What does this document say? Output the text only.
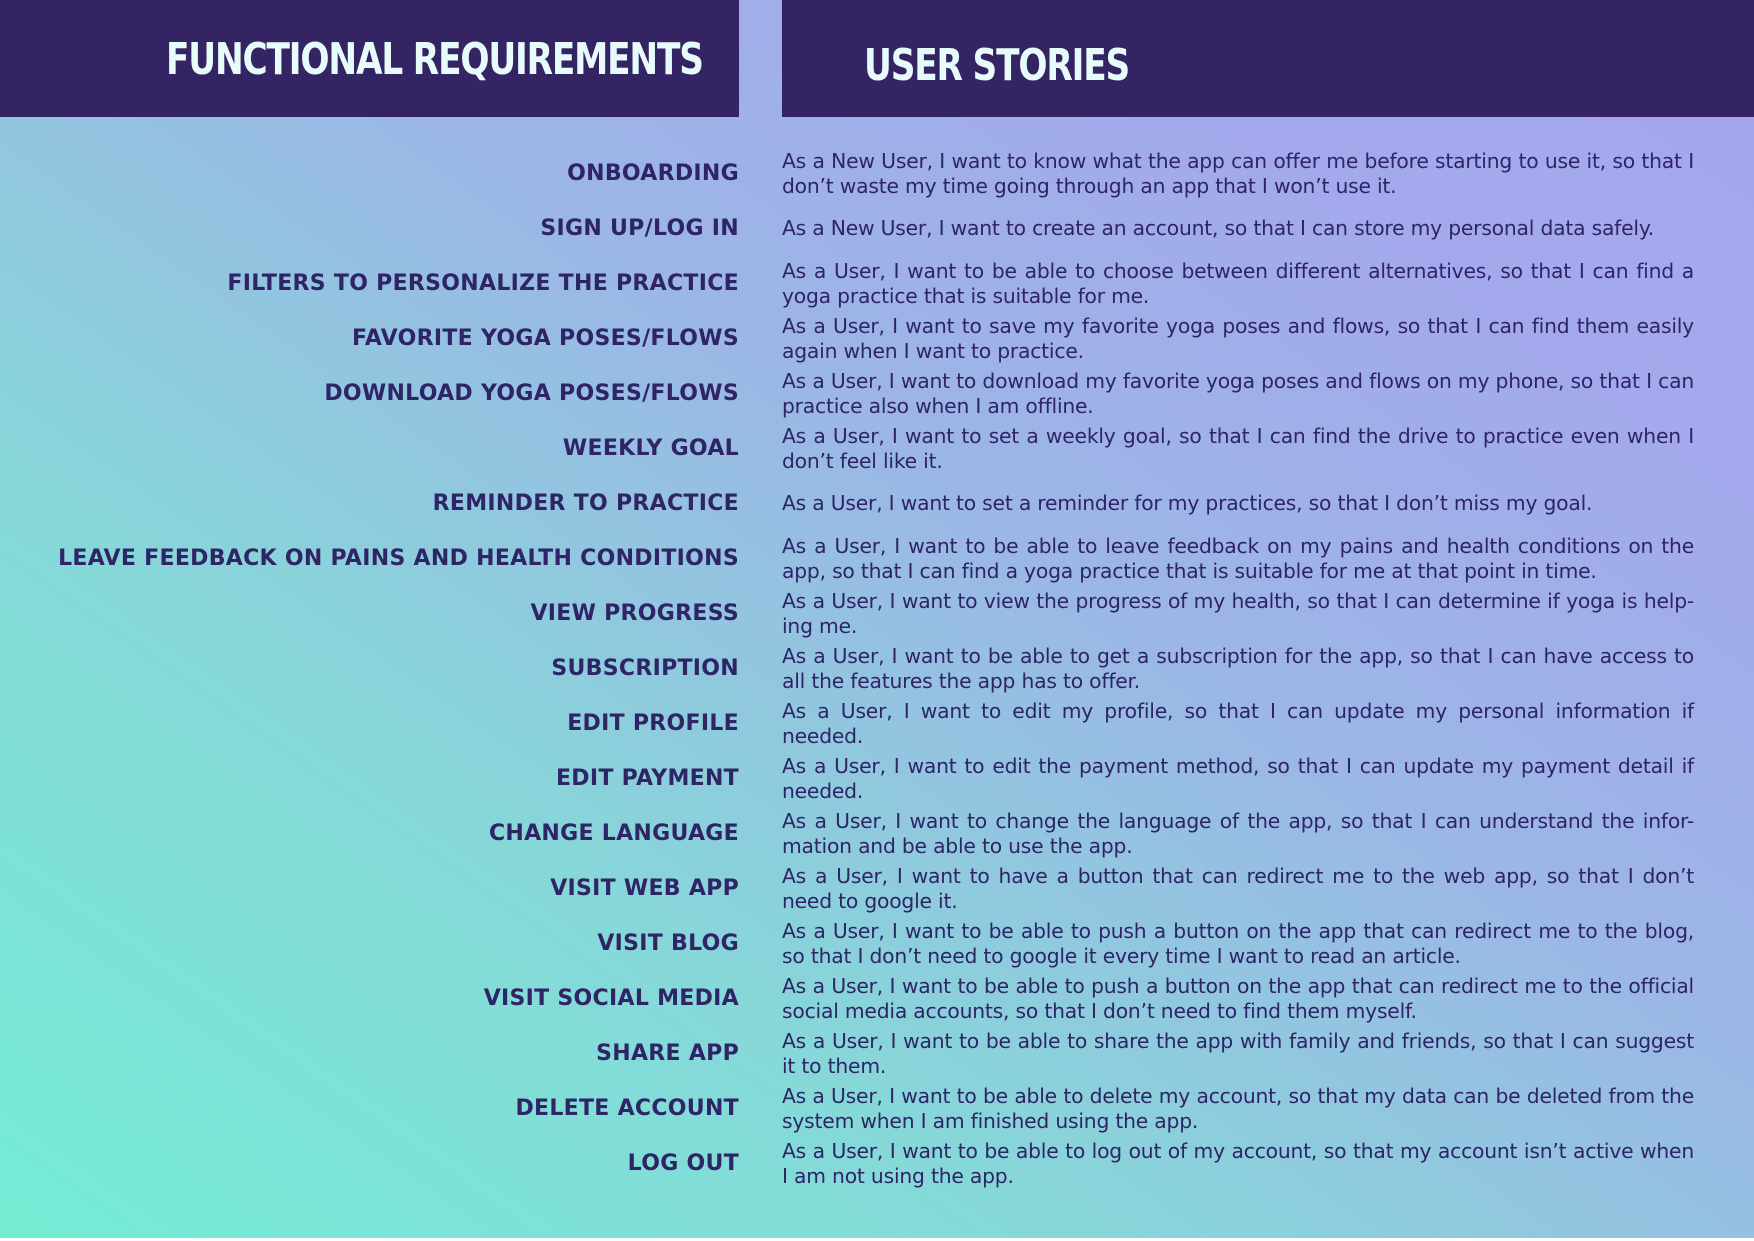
FUNCTIONAL REQUIREMENTS	USER STORIES
ONBOARDING
As a New User, I want to know what the app can offer me before starting to use it, so that I don’t waste my time going through an app that I won’t use it.
SIGN UP/LOG IN As a New User, I want to create an account, so that I can store my personal data safely.
FILTERS TO PERSONALIZE THE PRACTICE
As a User, I want to be able to choose between different alternatives, so that I can find a yoga practice that is suitable for me.
FAVORITE YOGA POSES/FLOWS
As a User, I want to save my favorite yoga poses and flows, so that I can find them easily again when I want to practice.
DOWNLOAD YOGA POSES/FLOWS
As a User, I want to download my favorite yoga poses and flows on my phone, so that I can practice also when I am offline.
WEEKLY GOAL
As a User, I want to set a weekly goal, so that I can find the drive to practice even when I don’t feel like it.
REMINDER TO PRACTICE As a User, I want to set a reminder for my practices, so that I don’t miss my goal.
LEAVE FEEDBACK ON PAINS AND HEALTH CONDITIONS
As a User, I want to be able to leave feedback on my pains and health conditions on the app, so that I can find a yoga practice that is suitable for me at that point in time.
VIEW PROGRESS
As a User, I want to view the progress of my health, so that I can determine if yoga is help-ing me.
SUBSCRIPTION
As a User, I want to be able to get a subscription for the app, so that I can have access to all the features the app has to offer.
EDIT PROFILE
As a User, I want to edit my profile, so that I can update my personal information if needed.
EDIT PAYMENT
As a User, I want to edit the payment method, so that I can update my payment detail if needed.
CHANGE LANGUAGE
As a User, I want to change the language of the app, so that I can understand the infor-mation and be able to use the app.
VISIT WEB APP
As a User, I want to have a button that can redirect me to the web app, so that I don’t need to google it.
VISIT BLOG
As a User, I want to be able to push a button on the app that can redirect me to the blog, so that I don’t need to google it every time I want to read an article.
VISIT SOCIAL MEDIA
As a User, I want to be able to push a button on the app that can redirect me to the official social media accounts, so that I don’t need to find them myself.
SHARE APP
As a User, I want to be able to share the app with family and friends, so that I can suggest it to them.
DELETE ACCOUNT
As a User, I want to be able to delete my account, so that my data can be deleted from the system when I am finished using the app.
LOG OUT
As a User, I want to be able to log out of my account, so that my account isn’t active when I am not using the app.
